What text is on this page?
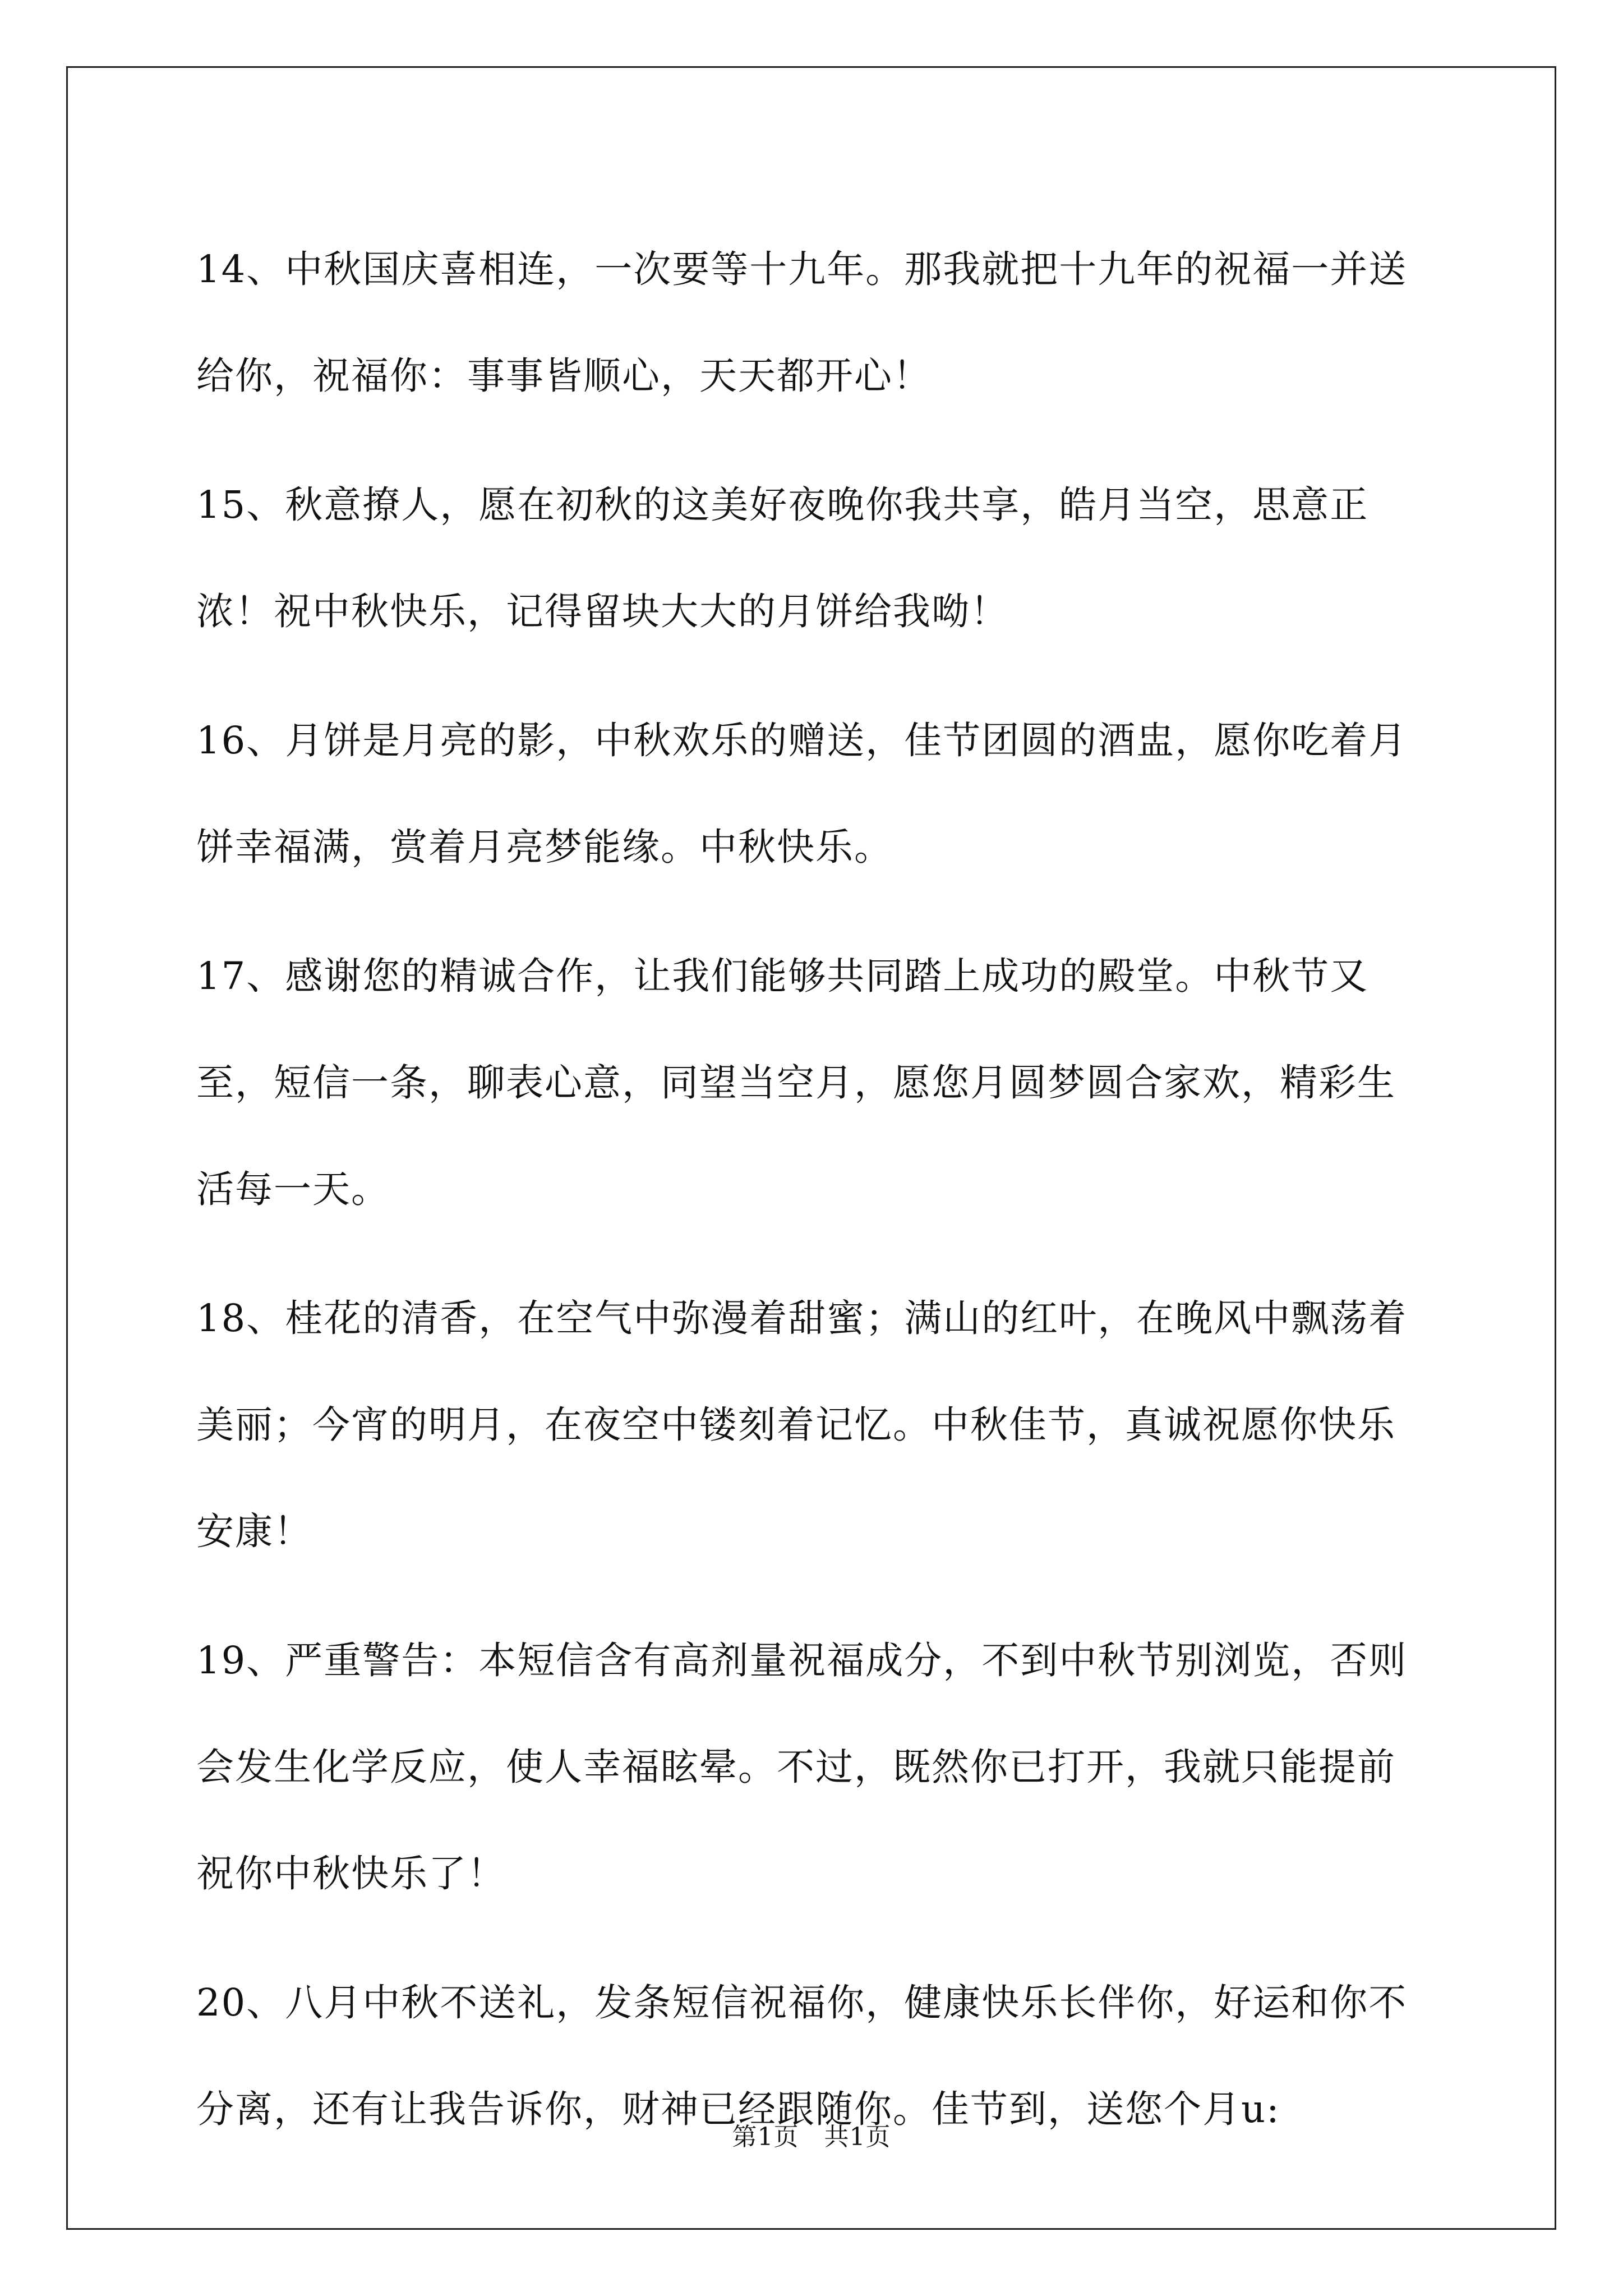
14、中秋国庆喜相连，一次要等十九年。那我就把十九年的祝福一并送给你，祝福你：事事皆顺心，天天都开心！

15、秋意撩人，愿在初秋的这美好夜晚你我共享，皓月当空，思意正浓！祝中秋快乐，记得留块大大的月饼给我呦！

16、月饼是月亮的影，中秋欢乐的赠送，佳节团圆的酒盅，愿你吃着月饼幸福满，赏着月亮梦能缘。中秋快乐。

17、感谢您的精诚合作，让我们能够共同踏上成功的殿堂。中秋节又至，短信一条，聊表心意，同望当空月，愿您月圆梦圆合家欢，精彩生活每一天。

18、桂花的清香，在空气中弥漫着甜蜜；满山的红叶，在晚风中飘荡着美丽；今宵的明月，在夜空中镂刻着记忆。中秋佳节，真诚祝愿你快乐安康！

19、严重警告：本短信含有高剂量祝福成分，不到中秋节别浏览，否则会发生化学反应，使人幸福眩晕。不过，既然你已打开，我就只能提前祝你中秋快乐了！

20、八月中秋不送礼，发条短信祝福你，健康快乐长伴你，好运和你不分离，还有让我告诉你，财神已经跟随你。佳节到，送您个月u:

第1页　共1页
